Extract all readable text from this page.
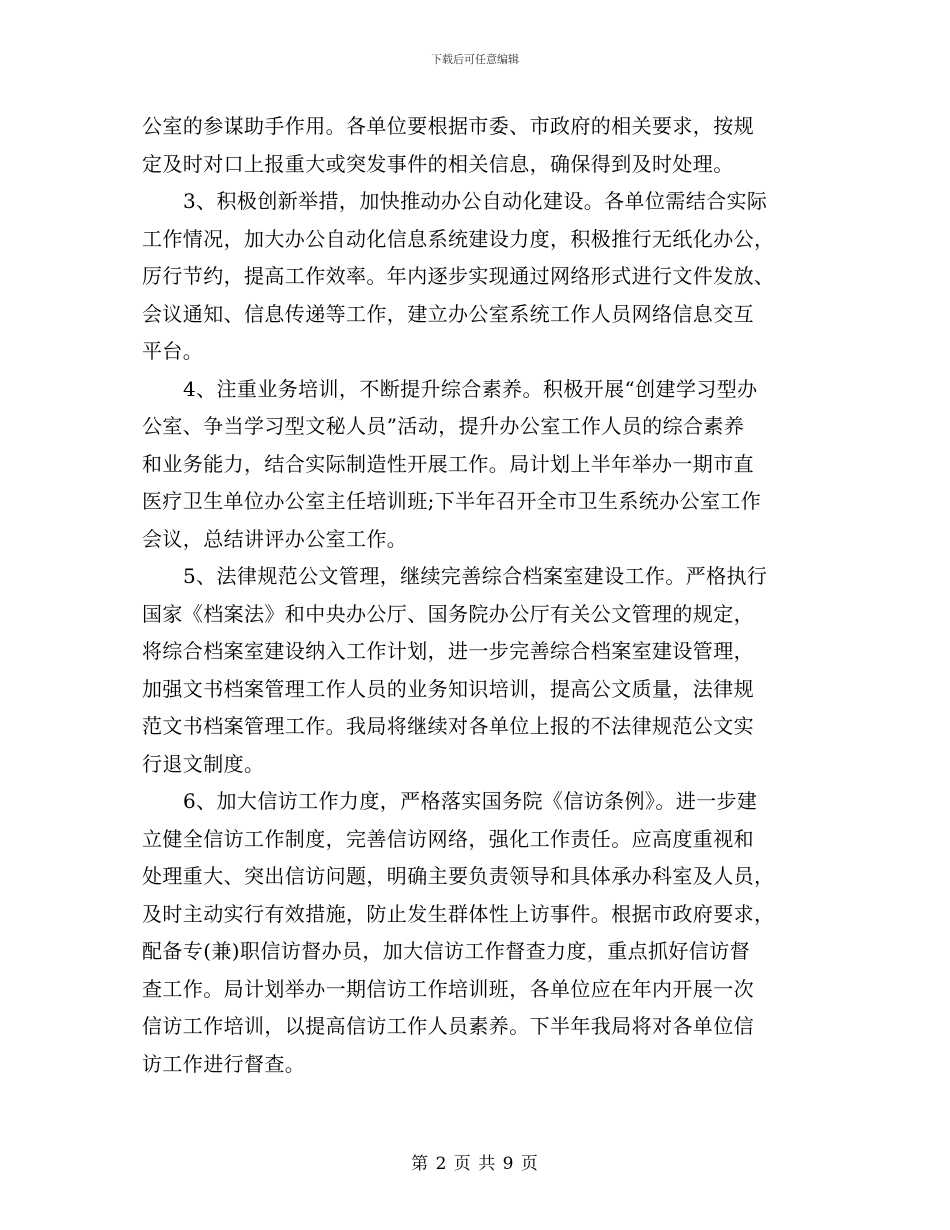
下载后可任意编辑

公室的参谋助手作用。各单位要根据市委、市政府的相关要求，按规
定及时对口上报重大或突发事件的相关信息，确保得到及时处理。

3、积极创新举措，加快推动办公自动化建设。各单位需结合实际
工作情况，加大办公自动化信息系统建设力度，积极推行无纸化办公，
厉行节约，提高工作效率。年内逐步实现通过网络形式进行文件发放、
会议通知、信息传递等工作，建立办公室系统工作人员网络信息交互
平台。

4、注重业务培训，不断提升综合素养。积极开展“创建学习型办
公室、争当学习型文秘人员”活动，提升办公室工作人员的综合素养
和业务能力，结合实际制造性开展工作。局计划上半年举办一期市直
医疗卫生单位办公室主任培训班;下半年召开全市卫生系统办公室工作
会议，总结讲评办公室工作。

5、法律规范公文管理，继续完善综合档案室建设工作。严格执行
国家《档案法》和中央办公厅、国务院办公厅有关公文管理的规定，
将综合档案室建设纳入工作计划，进一步完善综合档案室建设管理，
加强文书档案管理工作人员的业务知识培训，提高公文质量，法律规
范文书档案管理工作。我局将继续对各单位上报的不法律规范公文实
行退文制度。

6、加大信访工作力度，严格落实国务院《信访条例》。进一步建
立健全信访工作制度，完善信访网络，强化工作责任。应高度重视和
处理重大、突出信访问题，明确主要负责领导和具体承办科室及人员，
及时主动实行有效措施，防止发生群体性上访事件。根据市政府要求，
配备专(兼)职信访督办员，加大信访工作督查力度，重点抓好信访督
查工作。局计划举办一期信访工作培训班，各单位应在年内开展一次
信访工作培训，以提高信访工作人员素养。下半年我局将对各单位信
访工作进行督查。

第 2 页 共 9 页
